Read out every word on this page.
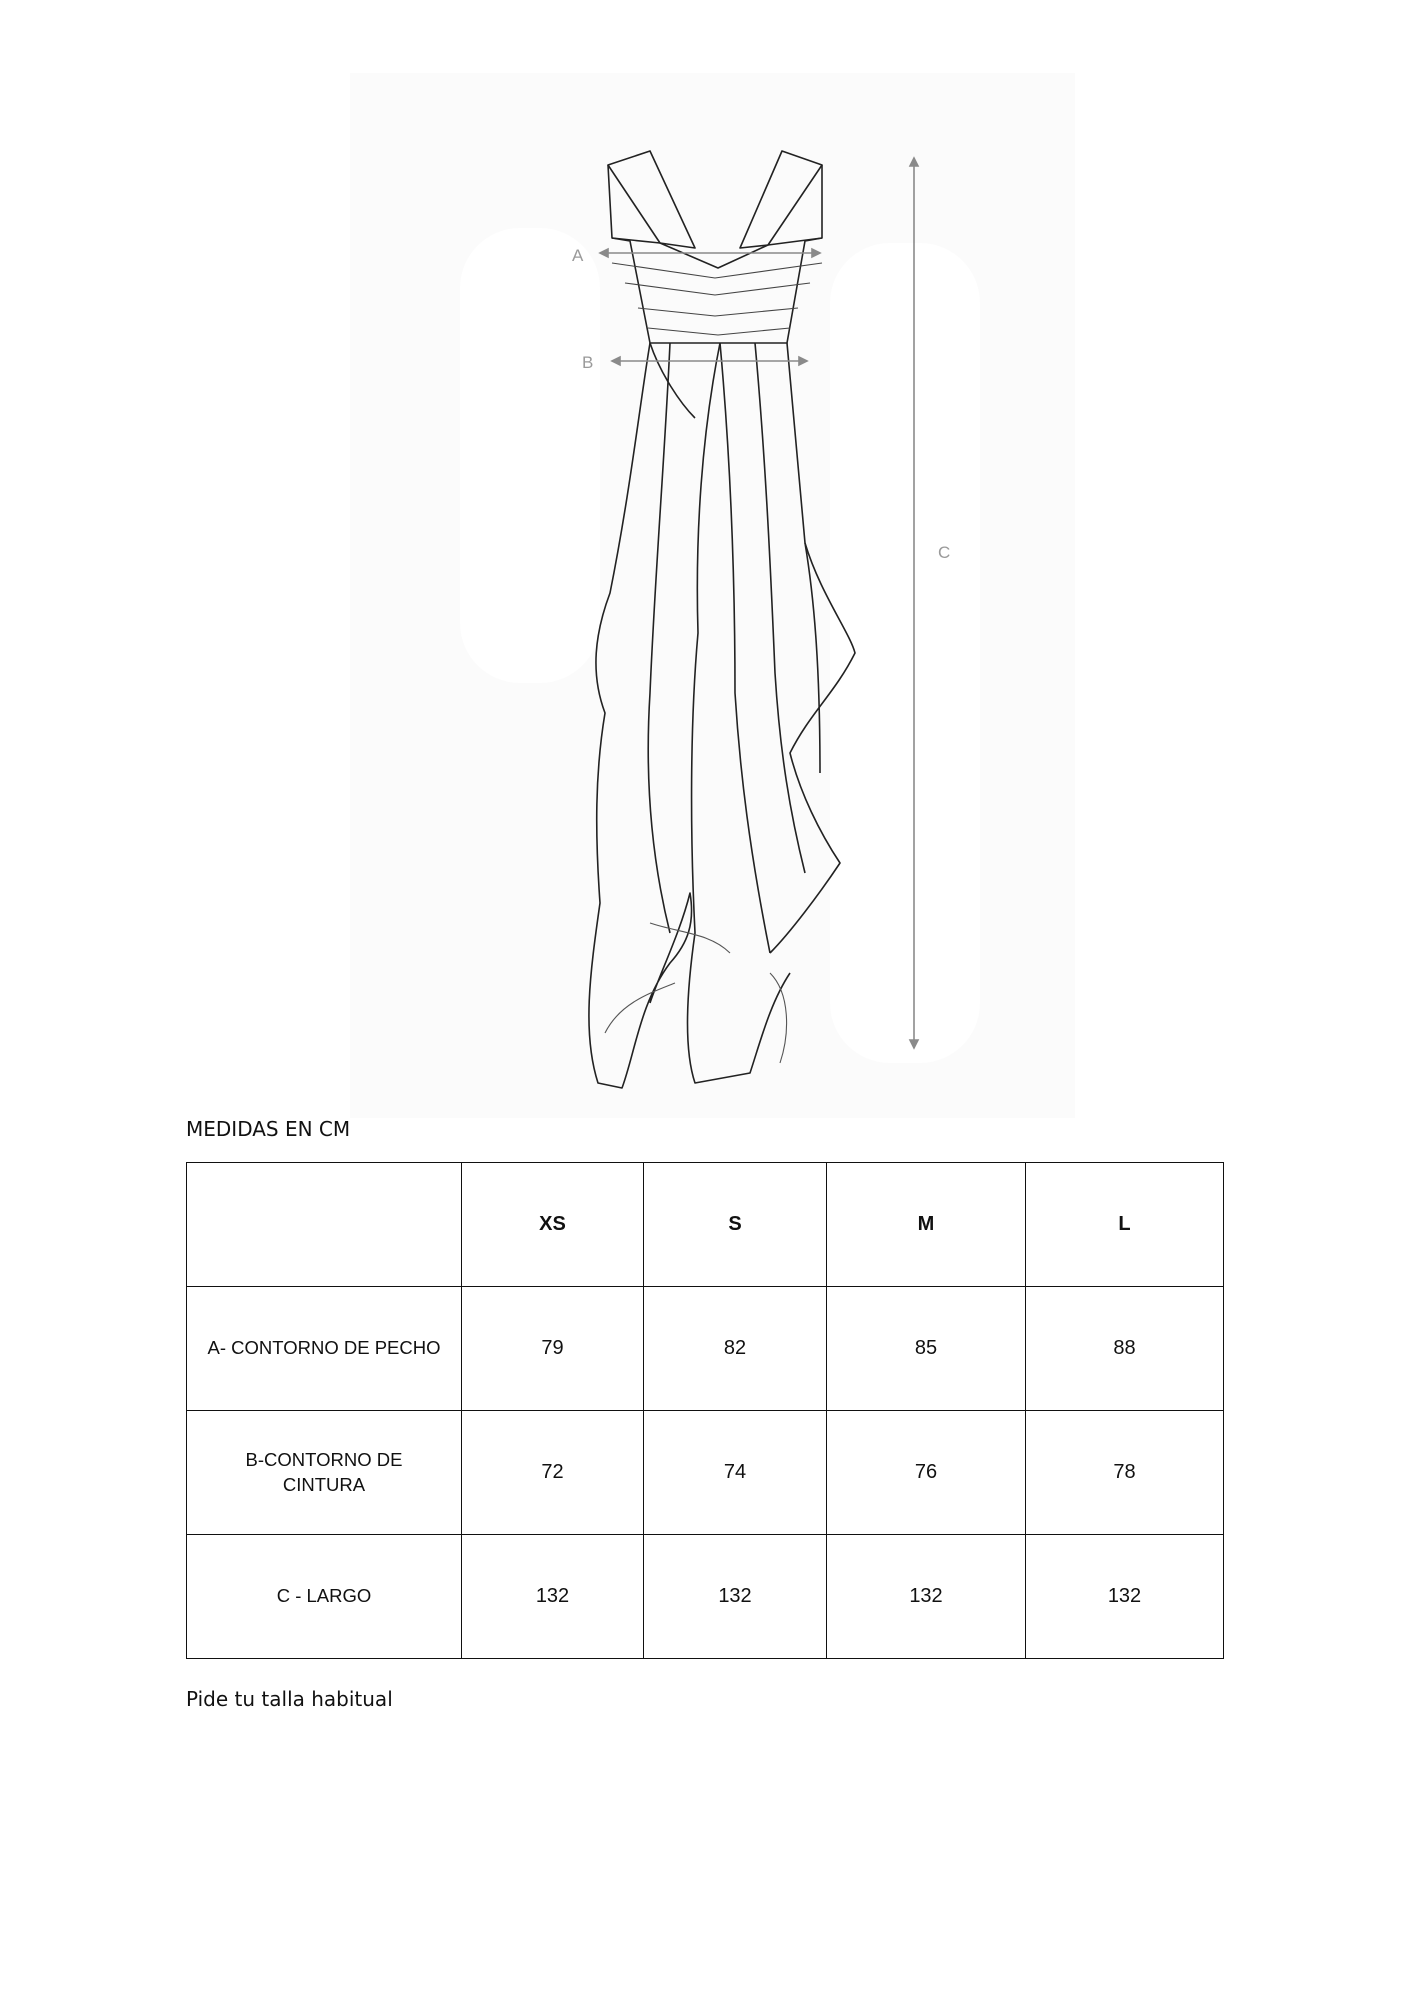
A
B
C
MEDIDAS EN CM
	XS	S	M	L
A- CONTORNO DE PECHO	79	82	85	88
B-CONTORNO DE CINTURA	72	74	76	78
C - LARGO	132	132	132	132
Pide tu talla habitual
